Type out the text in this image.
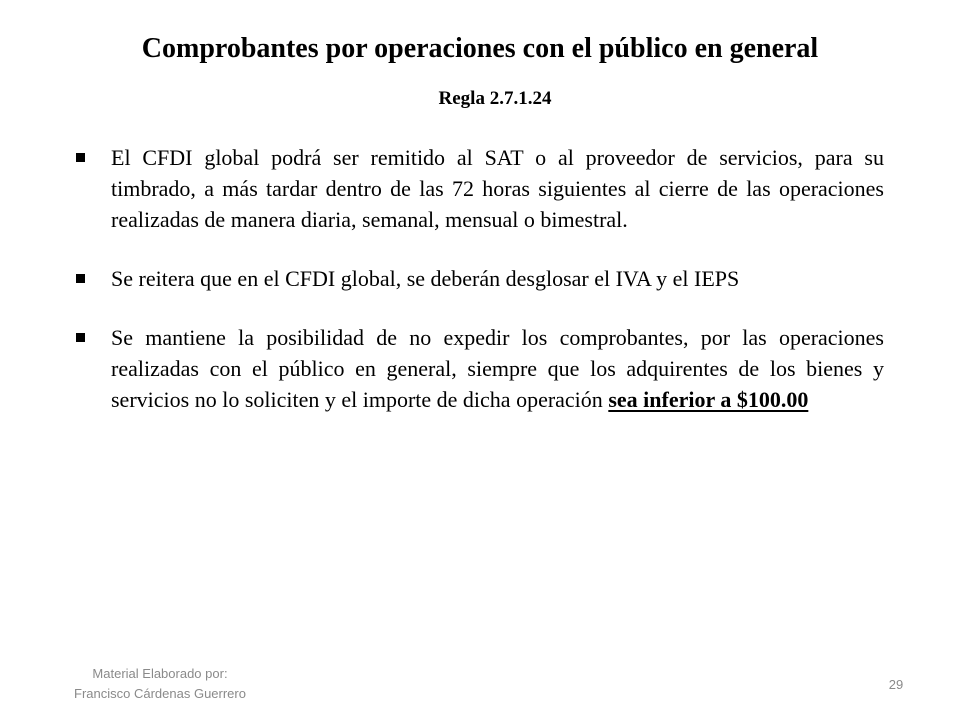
Comprobantes por operaciones con el público en general
Regla 2.7.1.24
El CFDI global podrá ser remitido al SAT o al proveedor de servicios, para su timbrado, a más tardar dentro de las 72 horas siguientes al cierre de las operaciones realizadas de manera diaria, semanal, mensual o bimestral.
Se reitera que en el CFDI global, se deberán desglosar el IVA y el IEPS
Se mantiene la posibilidad de no expedir los comprobantes, por las operaciones realizadas con el público en general, siempre que los adquirentes de los bienes y servicios no lo soliciten y el importe de dicha operación sea inferior a $100.00
Material Elaborado por:
Francisco Cárdenas Guerrero
29
